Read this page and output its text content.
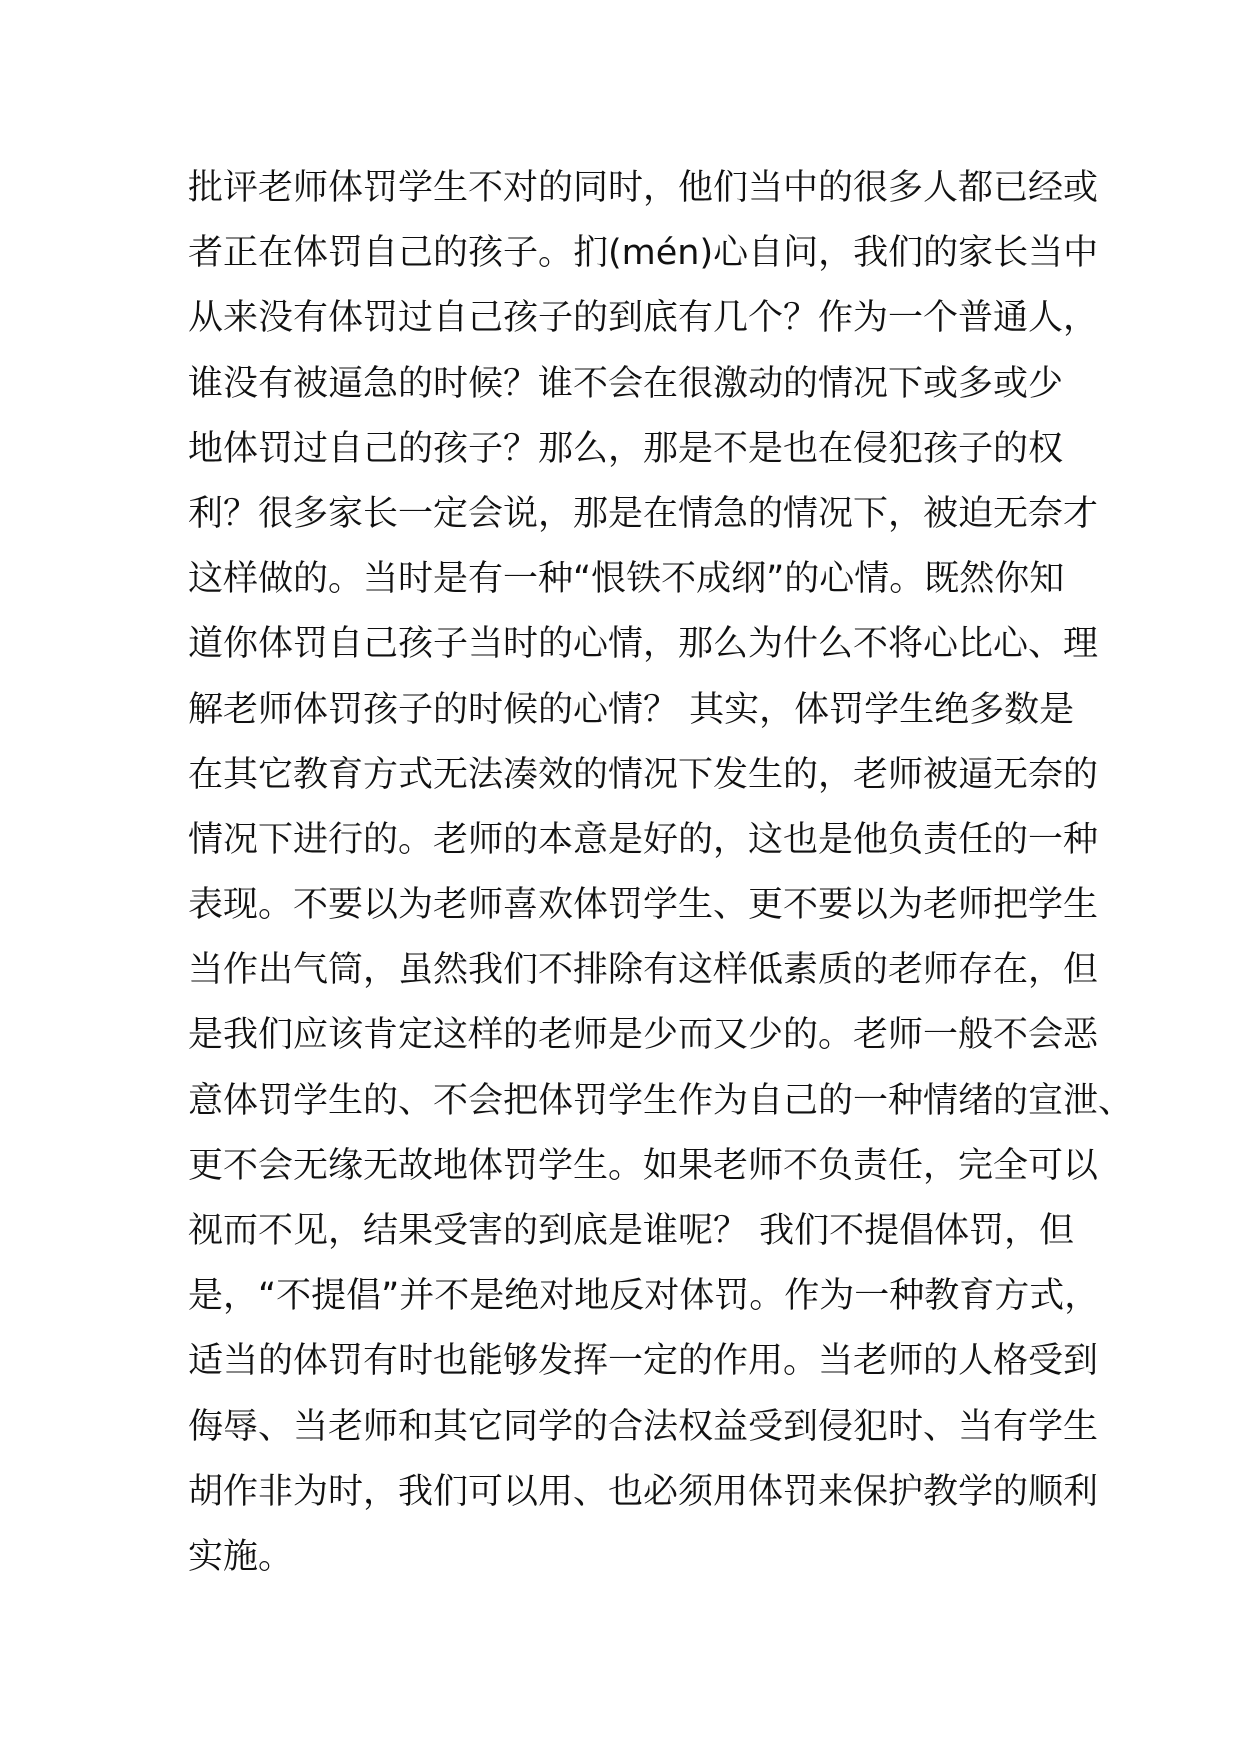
批评老师体罚学生不对的同时，他们当中的很多人都已经或
者正在体罚自己的孩子。扪(mén)心自问，我们的家长当中
从来没有体罚过自己孩子的到底有几个？作为一个普通人，
谁没有被逼急的时候？谁不会在很激动的情况下或多或少
地体罚过自己的孩子？那么，那是不是也在侵犯孩子的权
利？很多家长一定会说，那是在情急的情况下，被迫无奈才
这样做的。当时是有一种“恨铁不成纲”的心情。既然你知
道你体罚自己孩子当时的心情，那么为什么不将心比心、理
解老师体罚孩子的时候的心情？ 其实，体罚学生绝多数是
在其它教育方式无法凑效的情况下发生的，老师被逼无奈的
情况下进行的。老师的本意是好的，这也是他负责任的一种
表现。不要以为老师喜欢体罚学生、更不要以为老师把学生
当作出气筒，虽然我们不排除有这样低素质的老师存在，但
是我们应该肯定这样的老师是少而又少的。老师一般不会恶
意体罚学生的、不会把体罚学生作为自己的一种情绪的宣泄、
更不会无缘无故地体罚学生。如果老师不负责任，完全可以
视而不见，结果受害的到底是谁呢？ 我们不提倡体罚，但
是，“不提倡”并不是绝对地反对体罚。作为一种教育方式，
适当的体罚有时也能够发挥一定的作用。当老师的人格受到
侮辱、当老师和其它同学的合法权益受到侵犯时、当有学生
胡作非为时，我们可以用、也必须用体罚来保护教学的顺利
实施。
